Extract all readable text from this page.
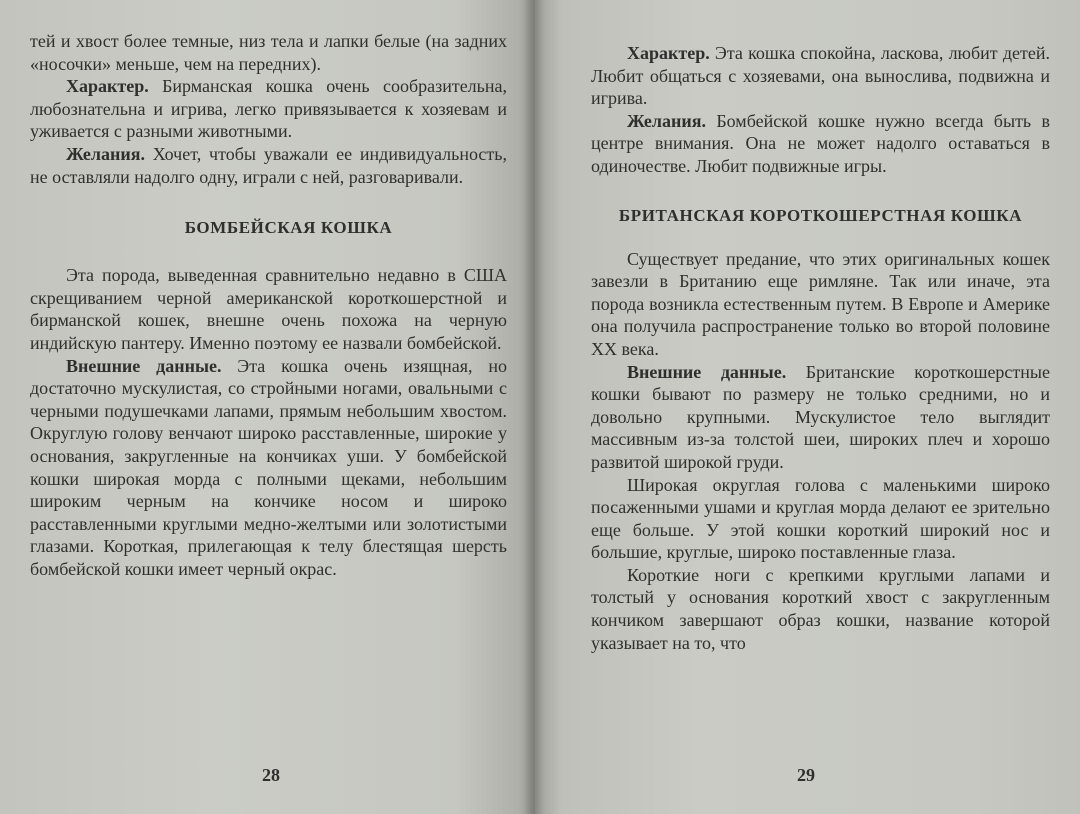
тей и хвост более темные, низ тела и лапки белые (на задних «носочки» меньше, чем на передних).

Характер. Бирманская кошка очень сообразительна, любознательна и игрива, легко привязывается к хозяевам и уживается с разными животными.

Желания. Хочет, чтобы уважали ее индивидуальность, не оставляли надолго одну, играли с ней, разговаривали.

БОМБЕЙСКАЯ КОШКА

Эта порода, выведенная сравнительно недавно в США скрещиванием черной американской короткошерстной и бирманской кошек, внешне очень похожа на черную индийскую пантеру. Именно поэтому ее назвали бомбейской.

Внешние данные. Эта кошка очень изящная, но достаточно мускулистая, со стройными ногами, овальными с черными подушечками лапами, прямым небольшим хвостом. Округлую голову венчают широко расставленные, широкие у основания, закругленные на кончиках уши. У бомбейской кошки широкая морда с полными щеками, небольшим широким черным на кончике носом и широко расставленными круглыми медно-желтыми или золотистыми глазами. Короткая, прилегающая к телу блестящая шерсть бомбейской кошки имеет черный окрас.

28

Характер. Эта кошка спокойна, ласкова, любит детей. Любит общаться с хозяевами, она вынослива, подвижна и игрива.

Желания. Бомбейской кошке нужно всегда быть в центре внимания. Она не может надолго оставаться в одиночестве. Любит подвижные игры.

БРИТАНСКАЯ КОРОТКОШЕРСТНАЯ КОШКА

Существует предание, что этих оригинальных кошек завезли в Британию еще римляне. Так или иначе, эта порода возникла естественным путем. В Европе и Америке она получила распространение только во второй половине XX века.

Внешние данные. Британские короткошерстные кошки бывают по размеру не только средними, но и довольно крупными. Мускулистое тело выглядит массивным из-за толстой шеи, широких плеч и хорошо развитой широкой груди.

Широкая округлая голова с маленькими широко посаженными ушами и круглая морда делают ее зрительно еще больше. У этой кошки короткий широкий нос и большие, круглые, широко поставленные глаза.

Короткие ноги с крепкими круглыми лапами и толстый у основания короткий хвост с закругленным кончиком завершают образ кошки, название которой указывает на то, что

29
